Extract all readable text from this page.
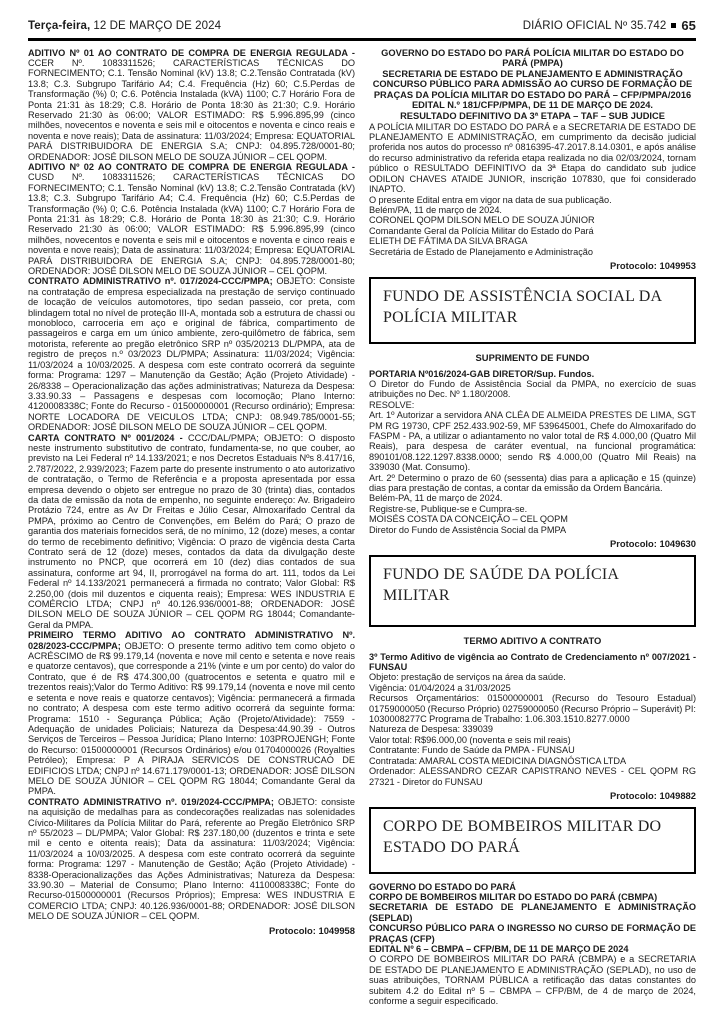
Terça-feira, 12 DE MARÇO DE 2024	DIÁRIO OFICIAL Nº 35.742 65

ADITIVO Nº 01 AO CONTRATO DE COMPRA DE ENERGIA REGULADA - CCER Nº. 1083311526; CARACTERÍSTICAS TÉCNICAS DO FORNECIMENTO; C.1. Tensão Nominal (kV) 13.8; C.2.Tensão Contratada (kV) 13.8; C.3. Subgrupo Tarifário A4; C.4. Frequência (Hz) 60; C.5.Perdas de Transformação (%) 0; C.6. Potência Instalada (kVA) 1100; C.7 Horário Fora de Ponta 21:31 às 18:29; C.8. Horário de Ponta 18:30 às 21:30; C.9. Horário Reservado 21:30 às 06:00; VALOR ESTIMADO: R$ 5.996.895,99 (cinco milhões, novecentos e noventa e seis mil e oitocentos e noventa e cinco reais e noventa e nove reais); Data de assinatura: 11/03/2024; Empresa: EQUATORIAL PARÁ DISTRIBUIDORA DE ENERGIA S.A; CNPJ: 04.895.728/0001-80; ORDENADOR: JOSÉ DILSON MELO DE SOUZA JÚNIOR – CEL QOPM.

ADITIVO Nº 02 AO CONTRATO DE COMPRA DE ENERGIA REGULADA - CUSD Nº. 1083311526; CARACTERÍSTICAS TÉCNICAS DO FORNECIMENTO; C.1. Tensão Nominal (kV) 13.8; C.2.Tensão Contratada (kV) 13.8; C.3. Subgrupo Tarifário A4; C.4. Frequência (Hz) 60; C.5.Perdas de Transformação (%) 0; C.6. Potência Instalada (kVA) 1100; C.7 Horário Fora de Ponta 21:31 às 18:29; C.8. Horário de Ponta 18:30 às 21:30; C.9. Horário Reservado 21:30 às 06:00; VALOR ESTIMADO: R$ 5.996.895,99 (cinco milhões, novecentos e noventa e seis mil e oitocentos e noventa e cinco reais e noventa e nove reais); Data de assinatura: 11/03/2024; Empresa: EQUATORIAL PARÁ DISTRIBUIDORA DE ENERGIA S.A; CNPJ: 04.895.728/0001-80; ORDENADOR: JOSÉ DILSON MELO DE SOUZA JÚNIOR – CEL QOPM.

CONTRATO ADMINISTRATIVO nº. 017/2024-CCC/PMPA; OBJETO: Consiste na contratação de empresa especializada na prestação de serviço continuado de locação de veículos automotores, tipo sedan passeio, cor preta, com blindagem total no nível de proteção III-A, montada sob a estrutura de chassi ou monobloco, carroceria em aço e original de fábrica, compartimento de passageiros e carga em um único ambiente, zero-quilômetro de fábrica, sem motorista, referente ao pregão eletrônico SRP nº 035/20213 DL/PMPA, ata de registro de preços n.º 03/2023 DL/PMPA; Assinatura: 11/03/2024; Vigência: 11/03/2024 a 10/03/2025. A despesa com este contrato ocorrerá da seguinte forma: Programa: 1297 – Manutenção da Gestão; Ação (Projeto Atividade) - 26/8338 – Operacionalização das ações administrativas; Natureza da Despesa: 3.33.90.33 – Passagens e despesas com locomoção; Plano Interno: 4120008338C; Fonte do Recurso - 01500000001 (Recurso ordinário); Empresa: NORTE LOCADORA DE VEICULOS LTDA; CNPJ: 08.949.785/0001-55; ORDENADOR: JOSÉ DILSON MELO DE SOUZA JÚNIOR – CEL QOPM.

CARTA CONTRATO Nº 001/2024 - CCC/DAL/PMPA; OBJETO: O disposto neste instrumento substitutivo de contrato, fundamenta-se, no que couber, ao previsto na Lei Federal nº 14.133/2021; e nos Decretos Estaduais Nºs 8.417/16, 2.787/2022, 2.939/2023; Fazem parte do presente instrumento o ato autorizativo de contratação, o Termo de Referência e a proposta apresentada por essa empresa devendo o objeto ser entregue no prazo de 30 (trinta) dias, contados da data de emissão da nota de empenho, no seguinte endereço: Av. Brigadeiro Protázio 724, entre as Av Dr Freitas e Júlio Cesar, Almoxarifado Central da PMPA, próximo ao Centro de Convenções, em Belém do Pará; O prazo de garantia dos materiais fornecidos será, de no mínimo, 12 (doze) meses, a contar do termo de recebimento definitivo; Vigência: O prazo de vigência desta Carta Contrato será de 12 (doze) meses, contados da data da divulgação deste instrumento no PNCP, que ocorrerá em 10 (dez) dias contados de sua assinatura, conforme art 94, II, prorrogável na forma do art. 111, todos da Lei Federal nº 14.133/2021 permanecerá a firmada no contrato; Valor Global: R$ 2.250,00 (dois mil duzentos e ciquenta reais); Empresa: WES INDUSTRIA E COMÉRCIO LTDA; CNPJ nº 40.126.936/0001-88; ORDENADOR: JOSÉ DILSON MELO DE SOUZA JÚNIOR – CEL QOPM RG 18044; Comandante-Geral da PMPA.

PRIMEIRO TERMO ADITIVO AO CONTRATO ADMINISTRATIVO Nº. 028/2023-CCC/PMPA; OBJETO: O presente termo aditivo tem como objeto o ACRÉSCIMO de R$ 99.179,14 (noventa e nove mil cento e setenta e nove reais e quatorze centavos), que corresponde a 21% (vinte e um por cento) do valor do Contrato, que é de R$ 474.300,00 (quatrocentos e setenta e quatro mil e trezentos reais);Valor do Termo Aditivo: R$ 99.179,14 (noventa e nove mil cento e setenta e nove reais e quatorze centavos); Vigência: permanecerá a firmada no contrato; A despesa com este termo aditivo ocorrerá da seguinte forma: Programa: 1510 - Segurança Pública; Ação (Projeto/Atividade): 7559 - Adequação de unidades Policiais; Natureza da Despesa:44.90.39 - Outros Serviços de Terceiros – Pessoa Jurídica; Plano Interno: 103PROJENGH; Fonte do Recurso: 01500000001 (Recursos Ordinários) e/ou 01704000026 (Royalties Petróleo); Empresa: P A PIRAJA SERVICOS DE CONSTRUCAO DE EDIFICIOS LTDA; CNPJ nº 14.671.179/0001-13; ORDENADOR: JOSÉ DILSON MELO DE SOUZA JÚNIOR – CEL QOPM RG 18044; Comandante Geral da PMPA.

CONTRATO ADMINISTRATIVO nº. 019/2024-CCC/PMPA; OBJETO: consiste na aquisição de medalhas para as condecorações realizadas nas solenidades Cívico-Militares da Polícia Militar do Pará, referente ao Pregão Eletrônico SRP nº 55/2023 – DL/PMPA; Valor Global: R$ 237.180,00 (duzentos e trinta e sete mil e cento e oitenta reais); Data da assinatura: 11/03/2024; Vigência: 11/03/2024 a 10/03/2025. A despesa com este contrato ocorrerá da seguinte forma: Programa: 1297 - Manutenção de Gestão; Ação (Projeto Atividade) - 8338-Operacionalizações das Ações Administrativas; Natureza da Despesa: 33.90.30 – Material de Consumo; Plano Interno: 4110008338C; Fonte do Recurso-01500000001 (Recursos Próprios); Empresa: WES INDUSTRIA E COMERCIO LTDA; CNPJ: 40.126.936/0001-88; ORDENADOR: JOSÉ DILSON MELO DE SOUZA JÚNIOR – CEL QOPM.

Protocolo: 1049958

GOVERNO DO ESTADO DO PARÁ POLÍCIA MILITAR DO ESTADO DO PARÁ (PMPA)

SECRETARIA DE ESTADO DE PLANEJAMENTO E ADMINISTRAÇÃO CONCURSO PÚBLICO PARA ADMISSÃO AO CURSO DE FORMAÇÃO DE PRAÇAS DA POLÍCIA MILITAR DO ESTADO DO PARÁ – CFP/PMPA/2016

EDITAL N.º 181/CFP/PMPA, DE 11 DE MARÇO DE 2024.

RESULTADO DEFINITIVO DA 3ª ETAPA – TAF – SUB JUDICE

A POLÍCIA MILITAR DO ESTADO DO PARÁ e a SECRETARIA DE ESTADO DE PLANEJAMENTO E ADMINISTRAÇÃO, em cumprimento da decisão judicial proferida nos autos do processo nº 0816395-47.2017.8.14.0301, e após análise do recurso administrativo da referida etapa realizada no dia 02/03/2024, tornam público o RESULTADO DEFINITIVO da 3ª Etapa do candidato sub judice ODILON CHAVES ATAIDE JUNIOR, inscrição 107830, que foi considerado INAPTO.

O presente Edital entra em vigor na data de sua publicação.

Belém/PA, 11 de março de 2024.

CORONEL QOPM DILSON MELO DE SOUZA JÚNIOR

Comandante Geral da Polícia Militar do Estado do Pará

ELIETH DE FÁTIMA DA SILVA BRAGA

Secretária de Estado de Planejamento e Administração

Protocolo: 1049953

FUNDO DE ASSISTÊNCIA SOCIAL DA POLÍCIA MILITAR

SUPRIMENTO DE FUNDO

PORTARIA Nº016/2024-GAB DIRETOR/Sup. Fundos.

O Diretor do Fundo de Assistência Social da PMPA, no exercício de suas atribuições no Dec. Nº 1.180/2008.

RESOLVE:

Art. 1º Autorizar a servidora ANA CLÉA DE ALMEIDA PRESTES DE LIMA, SGT PM RG 19730, CPF 252.433.902-59, MF 539645001, Chefe do Almoxarifado do FASPM - PA, a utilizar o adiantamento no valor total de R$ 4.000,00 (Quatro Mil Reais), para despesa de caráter eventual, na funcional programática: 890101/08.122.1297.8338.0000; sendo R$ 4.000,00 (Quatro Mil Reais) na 339030 (Mat. Consumo).

Art. 2º Determino o prazo de 60 (sessenta) dias para a aplicação e 15 (quinze) dias para prestação de contas, a contar da emissão da Ordem Bancária.

Belém-PA, 11 de março de 2024.

Registre-se, Publique-se e Cumpra-se.

MOISÉS COSTA DA CONCEIÇÃO – CEL QOPM

Diretor do Fundo de Assistência Social da PMPA

Protocolo: 1049630

FUNDO DE SAÚDE DA POLÍCIA MILITAR

TERMO ADITIVO A CONTRATO

3º Termo Aditivo de vigência ao Contrato de Credenciamento nº 007/2021 - FUNSAU

Objeto: prestação de serviços na área da saúde.

Vigência: 01/04/2024 a 31/03/2025

Recursos Orçamentários: 01500000001 (Recurso do Tesouro Estadual) 01759000050 (Recurso Próprio) 02759000050 (Recurso Próprio – Superávit) PI: 1030008277C Programa de Trabalho: 1.06.303.1510.8277.0000

Natureza de Despesa: 339039

Valor total: R$96.000,00 (noventa e seis mil reais)

Contratante: Fundo de Saúde da PMPA - FUNSAU

Contratada: AMARAL COSTA MEDICINA DIAGNÓSTICA LTDA

Ordenador: ALESSANDRO CEZAR CAPISTRANO NEVES - CEL QOPM RG 27321 - Diretor do FUNSAU

Protocolo: 1049882

CORPO DE BOMBEIROS MILITAR DO ESTADO DO PARÁ

GOVERNO DO ESTADO DO PARÁ

CORPO DE BOMBEIROS MILITAR DO ESTADO DO PARÁ (CBMPA)

SECRETARIA DE ESTADO DE PLANEJAMENTO E ADMINISTRAÇÃO (SEPLAD)

CONCURSO PÚBLICO PARA O INGRESSO NO CURSO DE FORMAÇÃO DE PRAÇAS (CFP)

EDITAL Nº 6 – CBMPA – CFP/BM, DE 11 DE MARÇO DE 2024

O CORPO DE BOMBEIROS MILITAR DO PARÁ (CBMPA) e a SECRETARIA DE ESTADO DE PLANEJAMENTO E ADMINISTRAÇÃO (SEPLAD), no uso de suas atribuições, TORNAM PÚBLICA a retificação das datas constantes do subitem 4.2 do Edital nº 5 – CBMPA – CFP/BM, de 4 de março de 2024, conforme a seguir especificado.
